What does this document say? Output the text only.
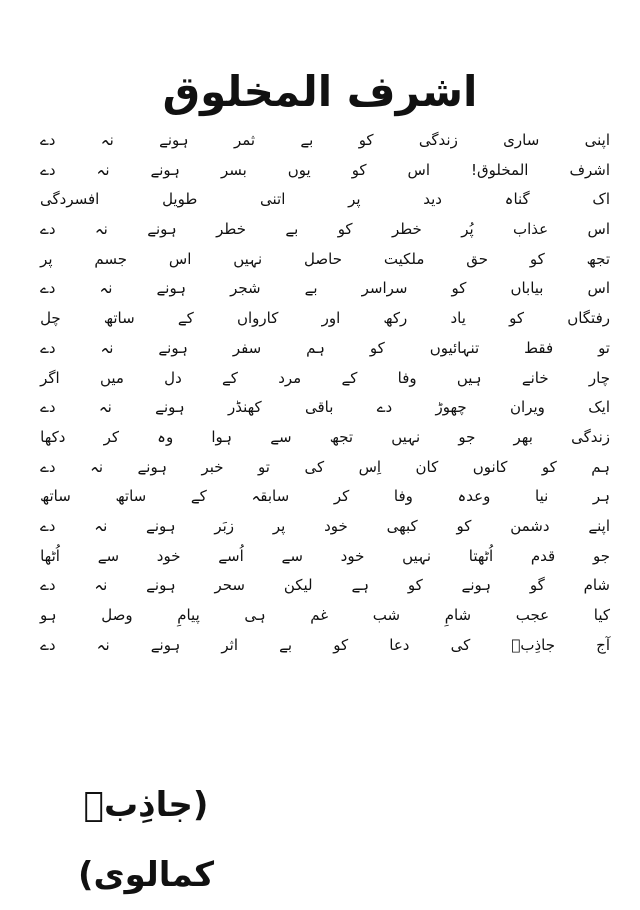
اشرف المخلوق
اپنی
ساری
زندگی
کو
بے
ثمر
ہونے
نہ
دے
اشرف
المخلوق!
اس
کو
یوں
بسر
ہونے
نہ
دے
اک
گناہ
دید
پر
اتنی
طویل
افسردگی
اس
عذاب
پُر
خطر
کو
بے
خطر
ہونے
نہ
دے
تجھ
کو
حق
ملکیت
حاصل
نہیں
اس
جسم
پر
اس
بیاباں
کو
سراسر
بے
شجر
ہونے
نہ
دے
رفتگاں
کو
یاد
رکھ
اور
کارواں
کے
ساتھ
چل
تو
فقط
تنہائیوں
کو
ہم
سفر
ہونے
نہ
دے
چار
خانے
ہیں
وفا
کے
مرد
کے
دل
میں
اگر
ایک
ویران
چھوڑ
دے
باقی
کھنڈر
ہونے
نہ
دے
زندگی
بھر
جو
نہیں
تجھ
سے
ہوا
وہ
کر
دکھا
ہم
کو
کانوں
کان
اِس
کی
تو
خبر
ہونے
نہ
دے
ہر
نیا
وعدہ
وفا
کر
سابقہ
کے
ساتھ
ساتھ
اپنے
دشمن
کو
کبھی
خود
پر
زبَر
ہونے
نہ
دے
جو
قدم
اُٹھتا
نہیں
خود
سے
اُسے
خود
سے
اُٹھا
شام
گو
ہونے
کو
ہے
لیکن
سحر
ہونے
نہ
دے
کیا
عجب
شامِ
شب
غم
ہی
پیامِ
وصل
ہو
آج
جاذِبؔ
کی
دعا
کو
بے
اثر
ہونے
نہ
دے
(جاذِبؔ کمالوی)
